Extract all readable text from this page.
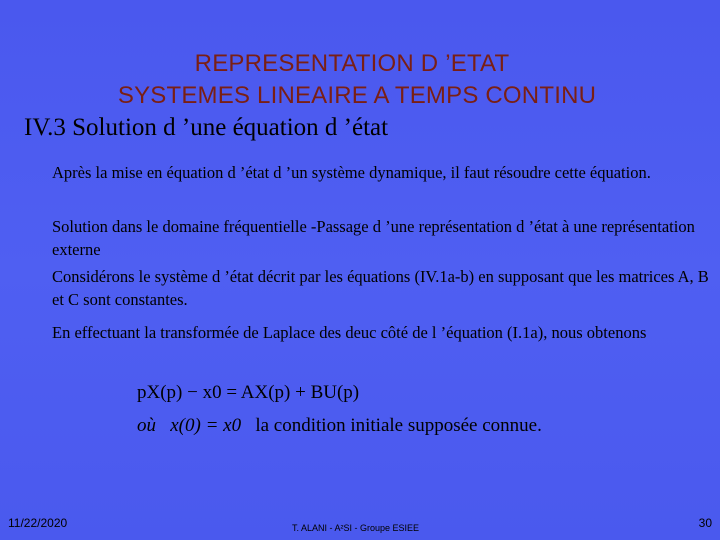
REPRESENTATION D ’ETAT
SYSTEMES LINEAIRE A TEMPS CONTINU
IV.3 Solution d ’une équation d ’état
Après la mise en équation d ’état d ’un système dynamique, il faut résoudre cette équation.
Solution dans le domaine fréquentielle -Passage d ’une représentation d ’état à une représentation externe
Considérons le système d ’état décrit par les équations (IV.1a-b) en supposant que les matrices A, B et C sont constantes.
En effectuant la transformée de Laplace des deuc côté de l ’équation (I.1a), nous obtenons
pX(p) − x0 = AX(p) + BU(p)
où x(0) = x0 la condition initiale supposée connue.
11/22/2020	T. ALANI - A²SI - Groupe ESIEE	30
